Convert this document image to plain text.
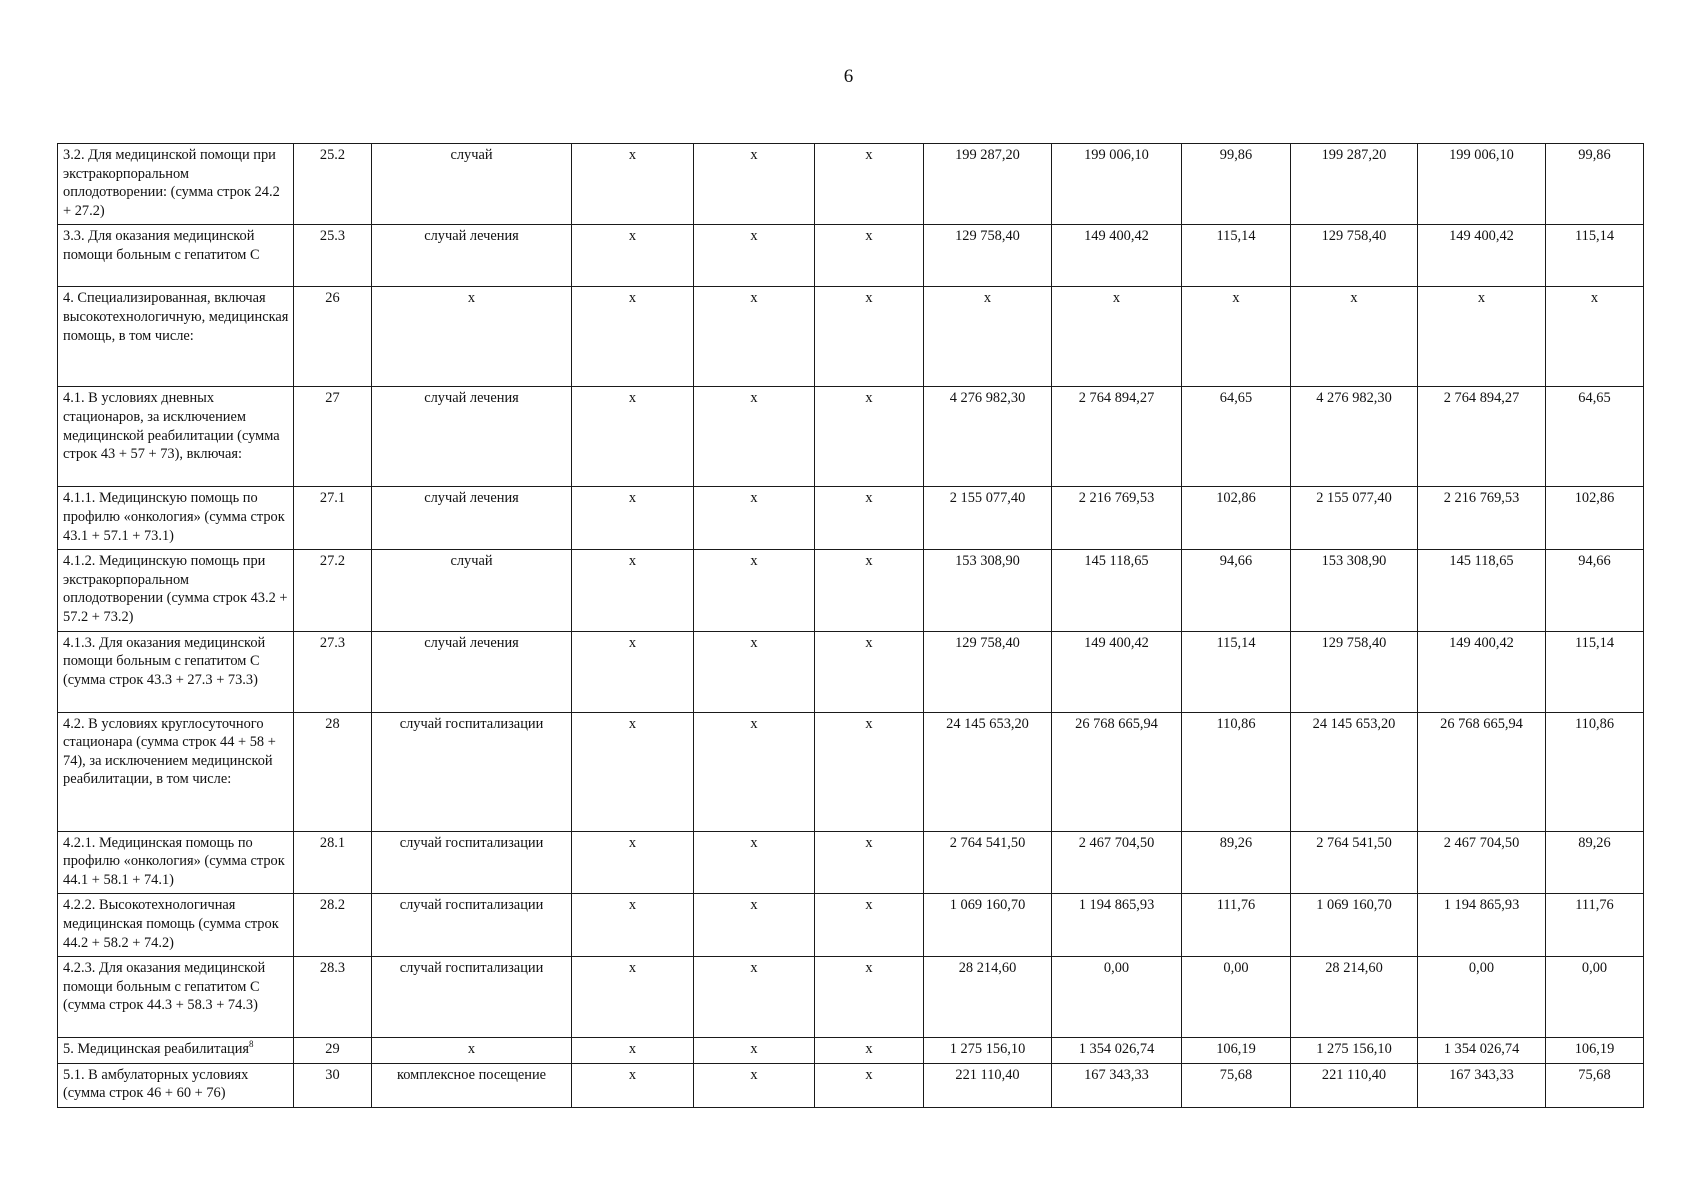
6
3.2. Для медицинской помощи при экстракорпоральном оплодотворении: (сумма строк 24.2 + 27.2)	25.2	случай	х	х	х	199 287,20	199 006,10	99,86	199 287,20	199 006,10	99,86
3.3. Для оказания медицинской помощи больным с гепатитом С	25.3	случай лечения	х	х	х	129 758,40	149 400,42	115,14	129 758,40	149 400,42	115,14
4. Специализированная, включая высокотехнологичную, медицинская помощь, в том числе:	26	х	х	х	х	х	х	х	х	х	х
4.1. В условиях дневных стационаров, за исключением медицинской реабилитации (сумма строк 43 + 57 + 73), включая:	27	случай лечения	х	х	х	4 276 982,30	2 764 894,27	64,65	4 276 982,30	2 764 894,27	64,65
4.1.1. Медицинскую помощь по профилю «онкология» (сумма строк 43.1 + 57.1 + 73.1)	27.1	случай лечения	х	х	х	2 155 077,40	2 216 769,53	102,86	2 155 077,40	2 216 769,53	102,86
4.1.2. Медицинскую помощь при экстракорпоральном оплодотворении (сумма строк 43.2 + 57.2 + 73.2)	27.2	случай	х	х	х	153 308,90	145 118,65	94,66	153 308,90	145 118,65	94,66
4.1.3. Для оказания медицинской помощи больным с гепатитом С (сумма строк 43.3 + 27.3 + 73.3)	27.3	случай лечения	х	х	х	129 758,40	149 400,42	115,14	129 758,40	149 400,42	115,14
4.2. В условиях круглосуточного стационара (сумма строк 44 + 58 + 74), за исключением медицинской реабилитации, в том числе:	28	случай госпитализации	х	х	х	24 145 653,20	26 768 665,94	110,86	24 145 653,20	26 768 665,94	110,86
4.2.1. Медицинская помощь по профилю «онкология» (сумма строк 44.1 + 58.1 + 74.1)	28.1	случай госпитализации	х	х	х	2 764 541,50	2 467 704,50	89,26	2 764 541,50	2 467 704,50	89,26
4.2.2. Высокотехнологичная медицинская помощь (сумма строк 44.2 + 58.2 + 74.2)	28.2	случай госпитализации	х	х	х	1 069 160,70	1 194 865,93	111,76	1 069 160,70	1 194 865,93	111,76
4.2.3. Для оказания медицинской помощи больным с гепатитом С (сумма строк 44.3 + 58.3 + 74.3)	28.3	случай госпитализации	х	х	х	28 214,60	0,00	0,00	28 214,60	0,00	0,00
5. Медицинская реабилитация$^8$	29	х	х	х	х	1 275 156,10	1 354 026,74	106,19	1 275 156,10	1 354 026,74	106,19
5.1. В амбулаторных условиях (сумма строк 46 + 60 + 76)	30	комплексное посещение	х	х	х	221 110,40	167 343,33	75,68	221 110,40	167 343,33	75,68
